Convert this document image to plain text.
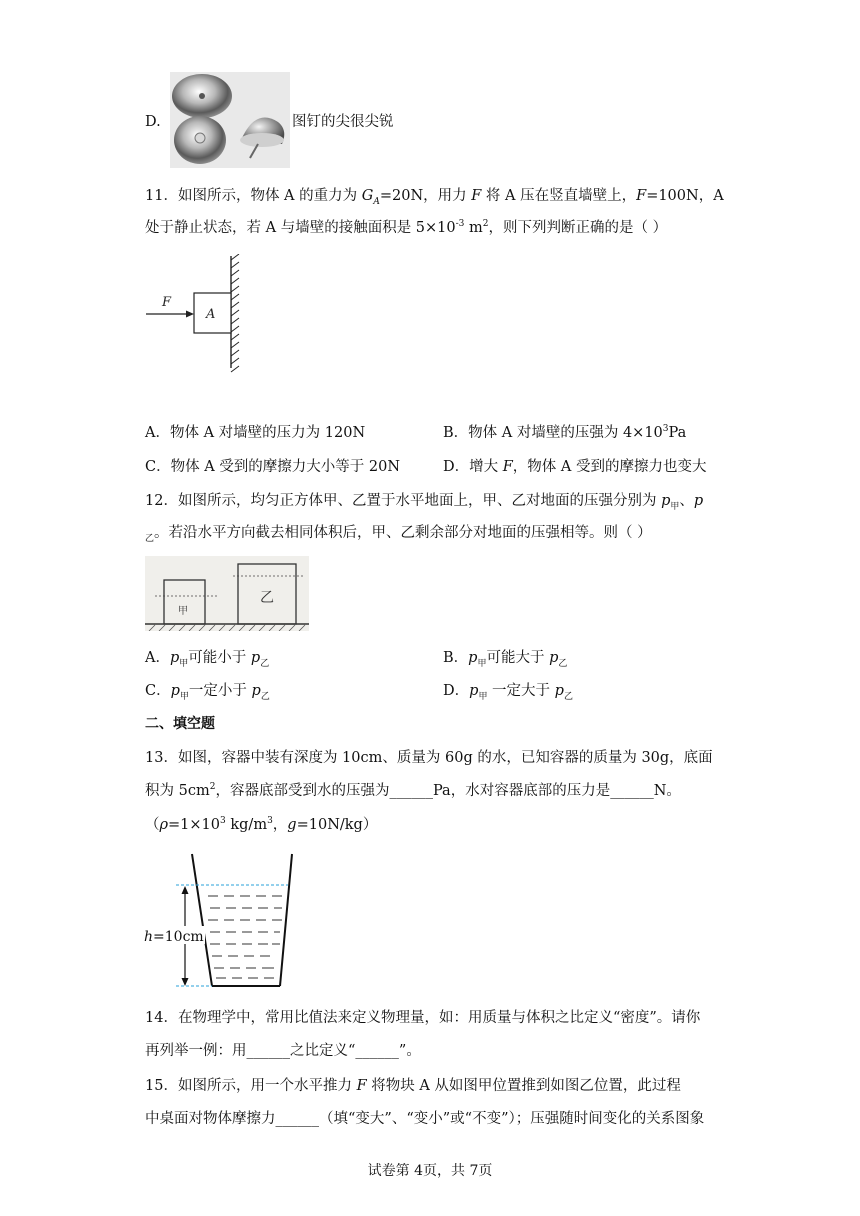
D.	图钉的尖很尖锐
11．如图所示，物体 A 的重力为 $G_A=20N$，用力 F 将 A 压在竖直墙壁上，F=100N，A
处于静止状态，若 A 与墙壁的接触面积是 $5\times 10^{-3}$ $m^2$，则下列判断正确的是（ ）
F
A
A．物体 A 对墙壁的压力为 120N	B．物体 A 对墙壁的压强为 $4\times 10^3Pa$
C．物体 A 受到的摩擦力大小等于 20N	D．增大 F，物体 A 受到的摩擦力也变大
12．如图所示，均匀正方体甲、乙置于水平地面上，甲、乙对地面的压强分别为 $p_甲$、p
$_乙$。若沿水平方向截去相同体积后，甲、乙剩余部分对地面的压强相等。则（ ）
甲
乙
A．$p_甲$可能小于 $p_乙$	B．$p_甲$可能大于 $p_乙$
C．$p_甲$一定小于 $p_乙$	D．$p_甲$ 一定大于 $p_乙$
二、填空题
13．如图，容器中装有深度为 10cm、质量为 60g 的水，已知容器的质量为 30g，底面
积为 $5cm^2$，容器底部受到水的压强为______Pa，水对容器底部的压力是______N。
（$\rho=1\times 10^3$ $kg/m^3$，g=10N/kg）
h=10cm
14．在物理学中，常用比值法来定义物理量，如：用质量与体积之比定义“密度”。请你
再列举一例：用______之比定义“______”。
15．如图所示，用一个水平推力 F 将物块 A 从如图甲位置推到如图乙位置，此过程
中桌面对物体摩擦力______（填“变大”、“变小”或“不变”）；压强随时间变化的关系图象
试卷第 4页，共 7页
